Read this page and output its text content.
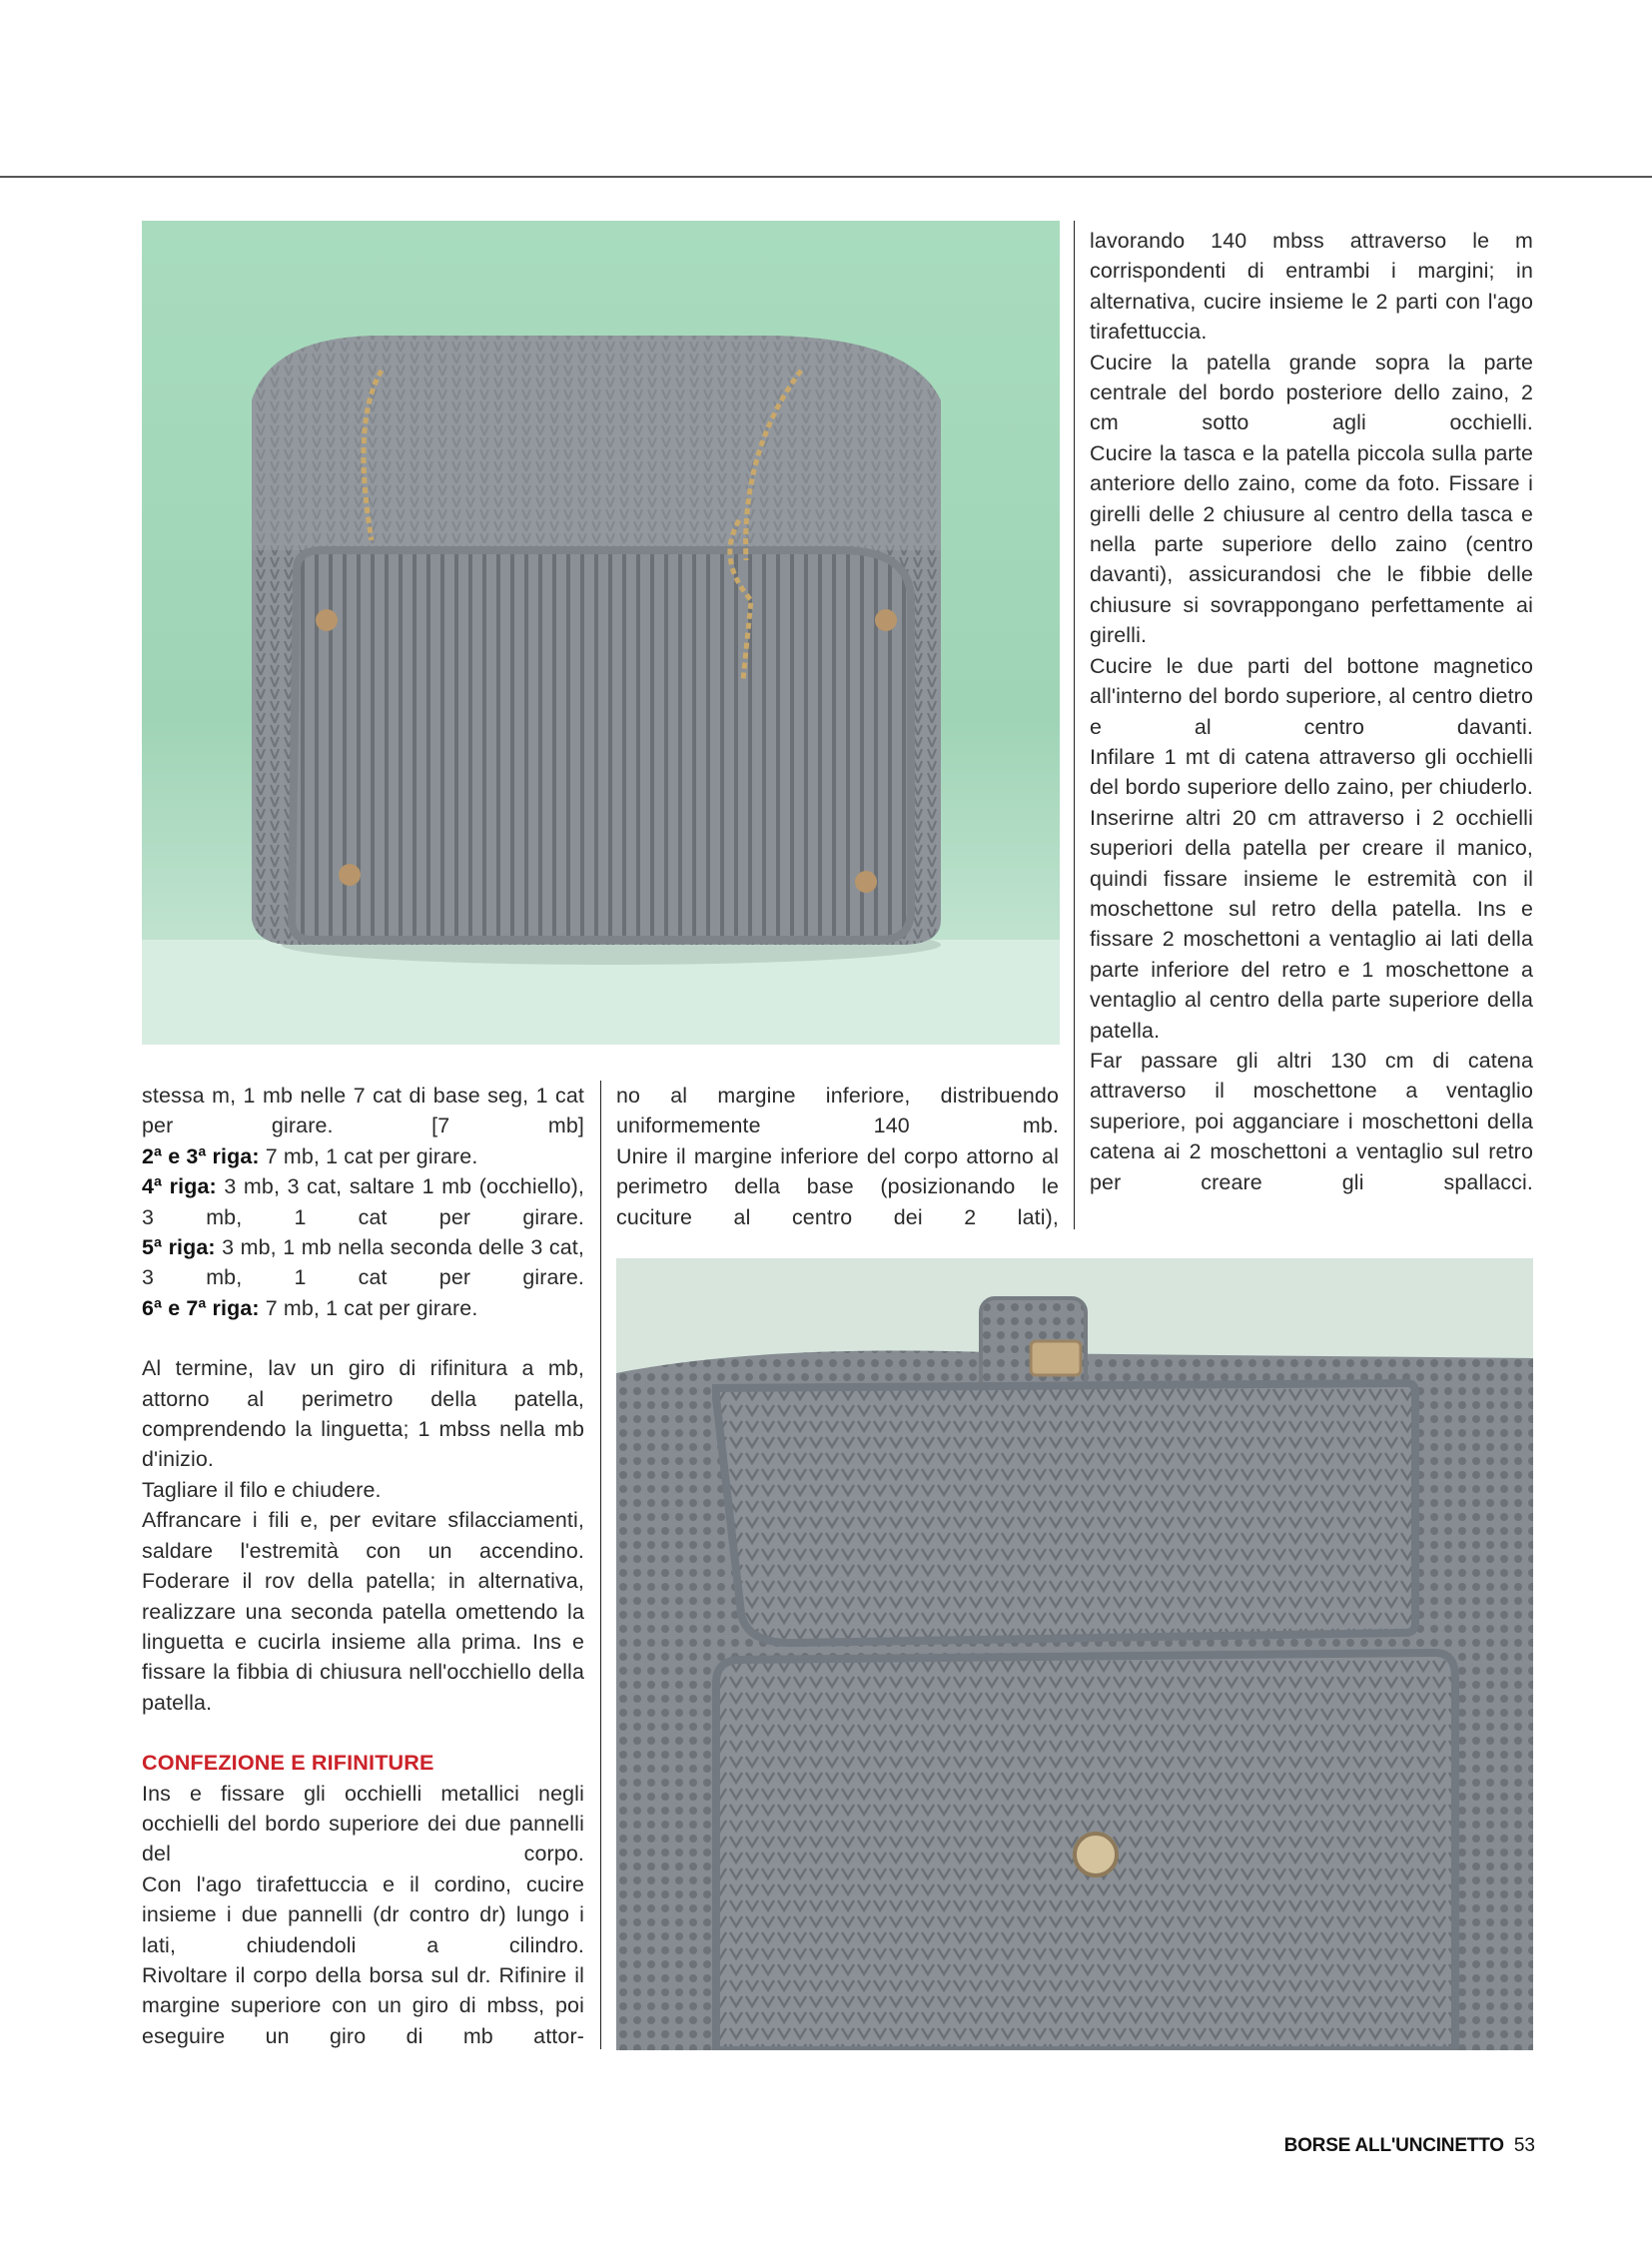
stessa m, 1 mb nelle 7 cat di base seg, 1 cat per girare. [7 mb]

2ª e 3ª riga: 7 mb, 1 cat per girare.

4ª riga: 3 mb, 3 cat, saltare 1 mb (occhiello), 3 mb, 1 cat per girare.

5ª riga: 3 mb, 1 mb nella seconda delle 3 cat, 3 mb, 1 cat per girare.

6ª e 7ª riga: 7 mb, 1 cat per girare.

Al termine, lav un giro di rifinitura a mb, attorno al perimetro della patella, comprendendo la linguetta; 1 mbss nella mb d'inizio.

Tagliare il filo e chiudere.

Affrancare i fili e, per evitare sfilacciamenti, saldare l'estremità con un accendino.

Foderare il rov della patella; in alternativa, realizzare una seconda patella omettendo la linguetta e cucirla insieme alla prima. Ins e fissare la fibbia di chiusura nell'occhiello della patella.

CONFEZIONE E RIFINITURE

Ins e fissare gli occhielli metallici negli occhielli del bordo superiore dei due pannelli del corpo.

Con l'ago tirafettuccia e il cordino, cucire insieme i due pannelli (dr contro dr) lungo i lati, chiudendoli a cilindro.

Rivoltare il corpo della borsa sul dr. Rifinire il margine superiore con un giro di mbss, poi eseguire un giro di mb attor-

no al margine inferiore, distribuendo uniformemente 140 mb.

Unire il margine inferiore del corpo attorno al perimetro della base (posizionando le cuciture al centro dei 2 lati),

lavorando 140 mbss attraverso le m corrispondenti di entrambi i margini; in alternativa, cucire insieme le 2 parti con l'ago tirafettuccia.

Cucire la patella grande sopra la parte centrale del bordo posteriore dello zaino, 2 cm sotto agli occhielli.

Cucire la tasca e la patella piccola sulla parte anteriore dello zaino, come da foto. Fissare i girelli delle 2 chiusure al centro della tasca e nella parte superiore dello zaino (centro davanti), assicurandosi che le fibbie delle chiusure si sovrappongano perfettamente ai girelli.

Cucire le due parti del bottone magnetico all'interno del bordo superiore, al centro dietro e al centro davanti.

Infilare 1 mt di catena attraverso gli occhielli del bordo superiore dello zaino, per chiuderlo.

Inserirne altri 20 cm attraverso i 2 occhielli superiori della patella per creare il manico, quindi fissare insieme le estremità con il moschettone sul retro della patella. Ins e fissare 2 moschettoni a ventaglio ai lati della parte inferiore del retro e 1 moschettone a ventaglio al centro della parte superiore della patella.

Far passare gli altri 130 cm di catena attraverso il moschettone a ventaglio superiore, poi agganciare i moschettoni della catena ai 2 moschettoni a ventaglio sul retro per creare gli spallacci.

BORSE ALL'UNCINETTO 53
